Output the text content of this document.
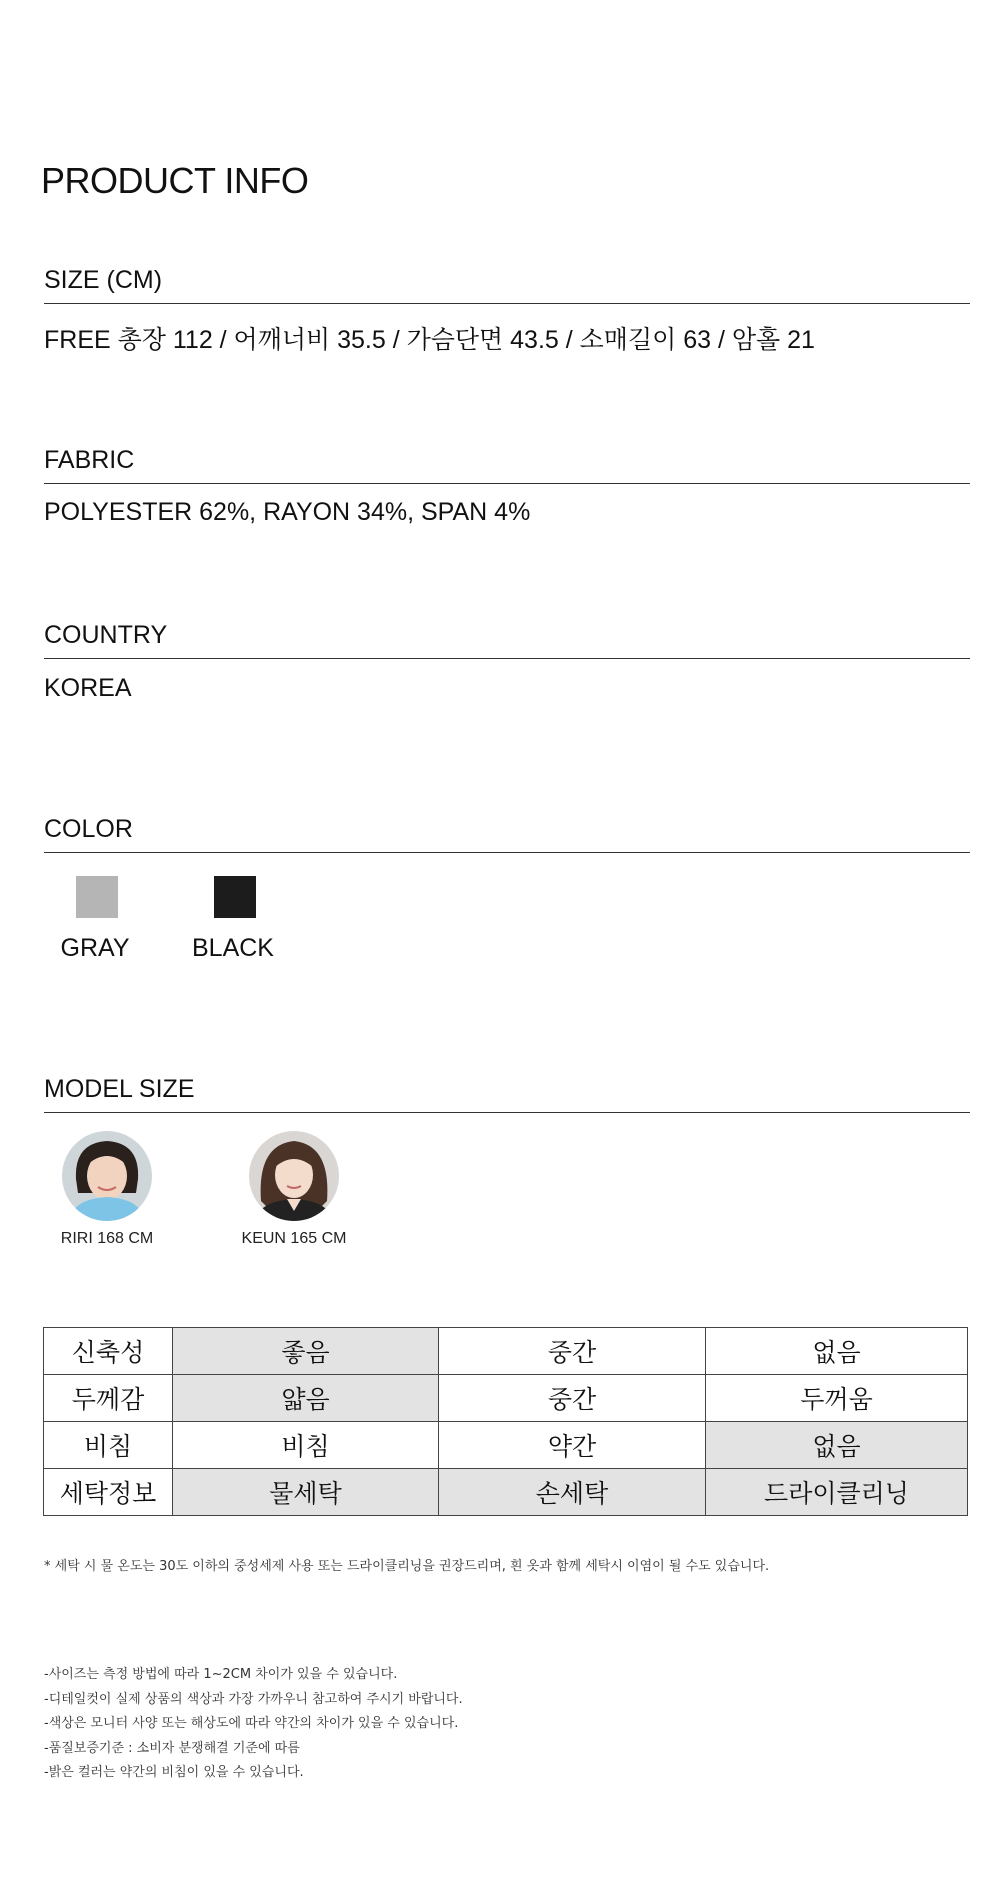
PRODUCT INFO
SIZE (CM)
FREE 총장 112 / 어깨너비 35.5 / 가슴단면 43.5 / 소매길이 63 / 암홀 21
FABRIC
POLYESTER 62%, RAYON 34%, SPAN 4%
COUNTRY
KOREA
COLOR
GRAY	BLACK
MODEL SIZE
RIRI 168 CM	KEUN 165 CM
신축성	좋음	중간	없음
두께감	얇음	중간	두꺼움
비침	비침	약간	없음
세탁정보	물세탁	손세탁	드라이클리닝
* 세탁 시 물 온도는 30도 이하의 중성세제 사용 또는 드라이클리닝을 권장드리며, 흰 옷과 함께 세탁시 이염이 될 수도 있습니다.
-사이즈는 측정 방법에 따라 1~2CM 차이가 있을 수 있습니다.
-디테일컷이 실제 상품의 색상과 가장 가까우니 참고하여 주시기 바랍니다.
-색상은 모니터 사양 또는 해상도에 따라 약간의 차이가 있을 수 있습니다.
-품질보증기준 : 소비자 분쟁해결 기준에 따름
-밝은 컬러는 약간의 비침이 있을 수 있습니다.
